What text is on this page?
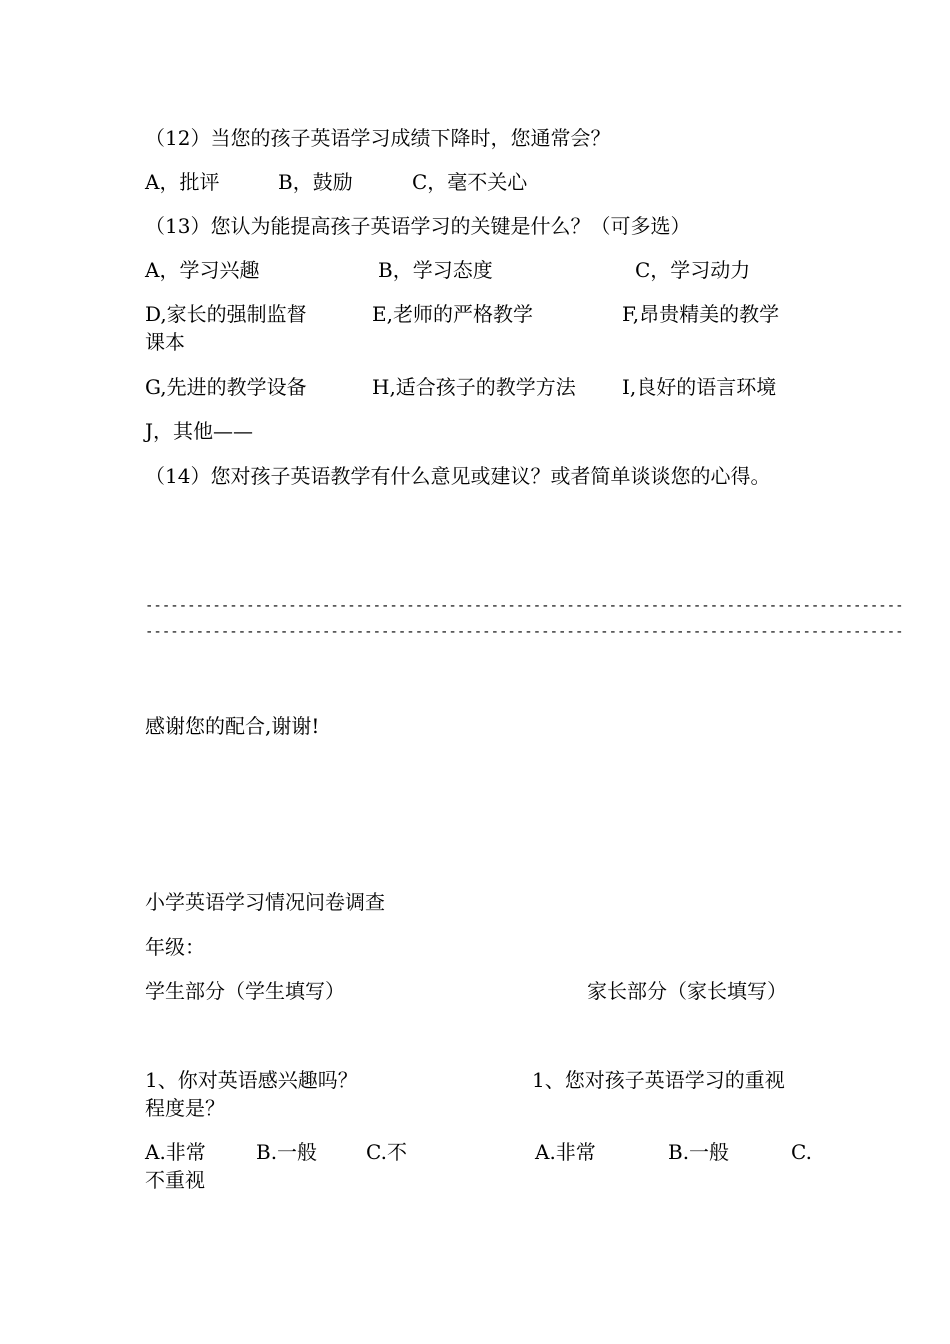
（12）当您的孩子英语学习成绩下降时，您通常会？
A，批评	B，鼓励	C，毫不关心
（13）您认为能提高孩子英语学习的关键是什么？（可多选）
A，学习兴趣	B，学习态度	C，学习动力
D,家长的强制监督	E,老师的严格教学	F,昂贵精美的教学
课本
G,先进的教学设备	H,适合孩子的教学方法 I,良好的语言环境
J，其他——
（14）您对孩子英语教学有什么意见或建议？或者简单谈谈您的心得。
------------------------------------------------------------------------------------------
------------------------------------------------------------------------------------------
感谢您的配合,谢谢!
小学英语学习情况问卷调查
年级：
学生部分（学生填写）	家长部分（家长填写）
1、你对英语感兴趣吗？	1、您对孩子英语学习的重视
程度是？
A.非常	B.一般 C.不	A.非常	B.一般	C.
不重视
